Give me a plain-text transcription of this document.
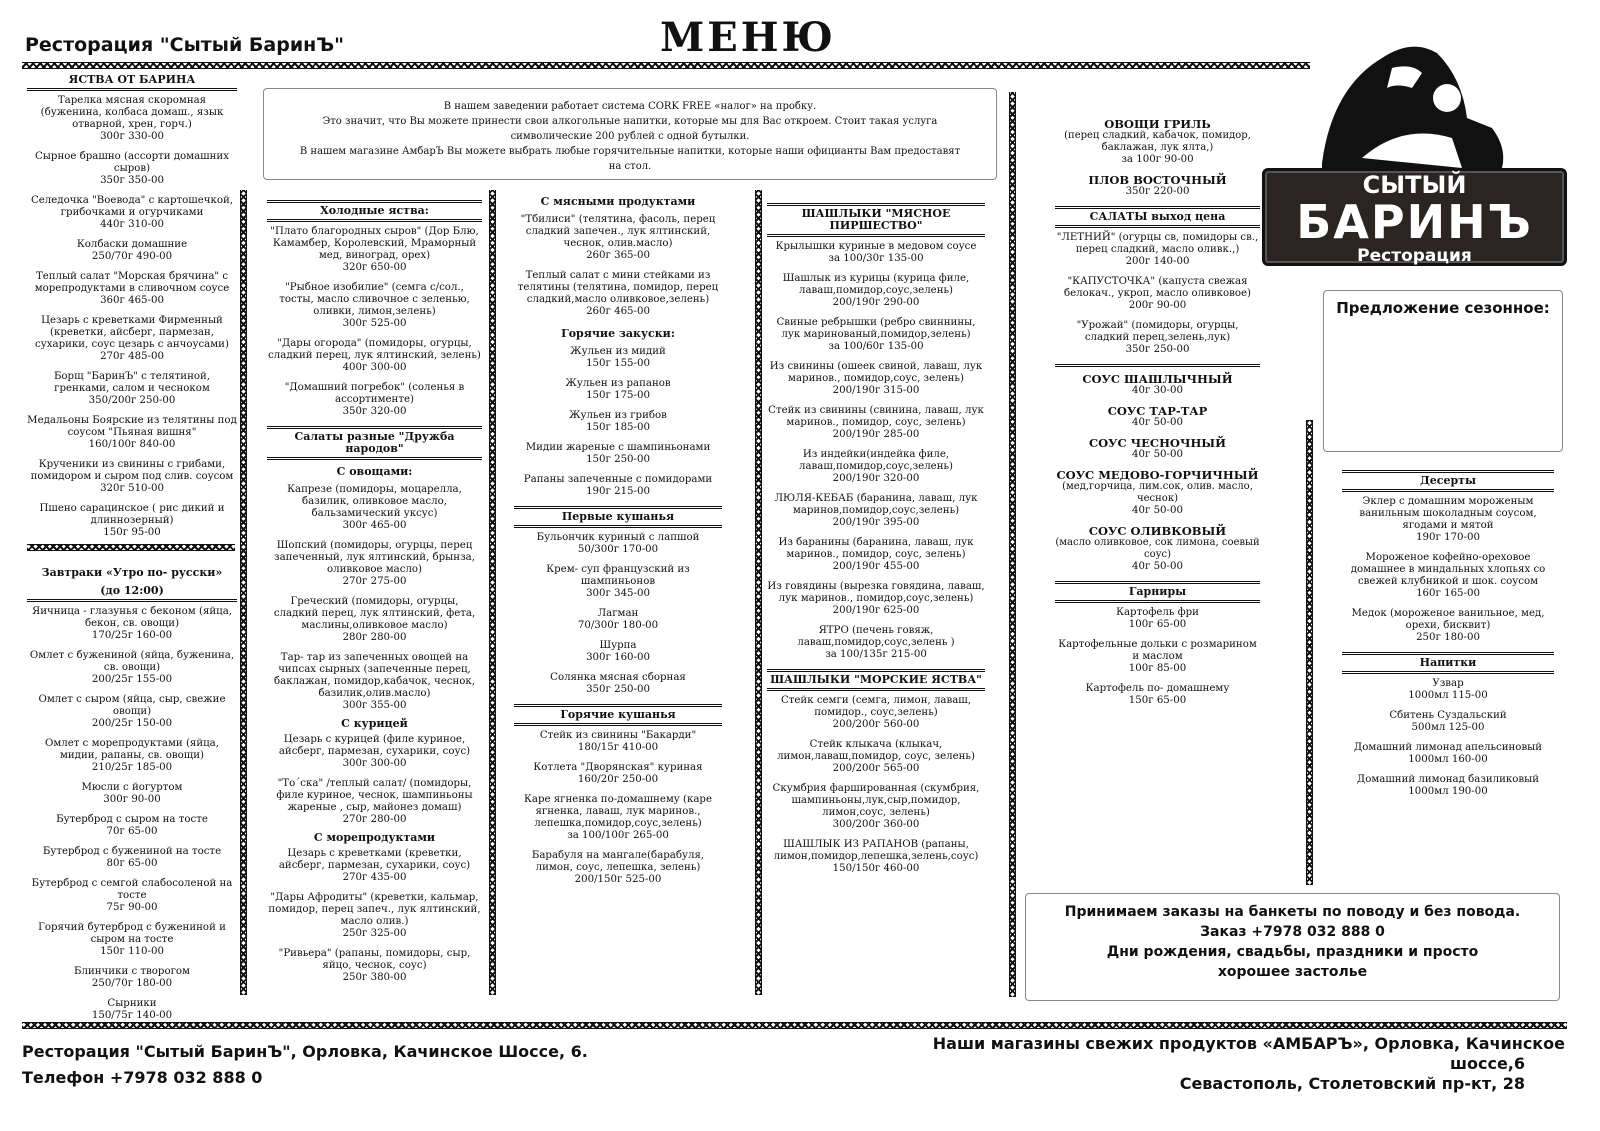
Ресторация "Сытый БаринЪ"	МЕНЮ
СЫТЫЙ
БАРИНЪ
Ресторация
В нашем заведении работает система CORK FREE «налог» на пробку.
Это значит, что Вы можете принести свои алкогольные напитки, которые мы для Вас откроем. Стоит такая услуга
символические 200 рублей с одной бутылки.
В нашем магазине АмбарЪ Вы можете выбрать любые горячительные напитки, которые наши официанты Вам предоставят
на стол.
ЯСТВА ОТ БАРИНА
Тарелка мясная скоромная (буженина, колбаса домаш., язык отварной, хрен, горч.)
300г 330-00
Сырное брашно (ассорти домашних сыров)
350г 350-00
Селедочка "Воевода" с картошечкой, грибочками и огурчиками
440г 310-00
Колбаски домашние
250/70г 490-00
Теплый салат "Морская брячина" с морепродуктами в сливочном соусе
360г 465-00
Цезарь с креветками Фирменный (креветки, айсберг, пармезан, сухарики, соус цезарь с анчоусами)
270г 485-00
Борщ "БаринЪ" с телятиной, гренками, салом и чесноком
350/200г 250-00
Медальоны Боярские из телятины под соусом "Пьяная вишня"
160/100г 840-00
Крученики из свинины с грибами, помидором и сыром под слив. соусом
320г 510-00
Пшено сарацинское ( рис дикий и длиннозерный)
150г 95-00
Завтраки «Утро по- русски»
(до 12:00)
Яичница - глазунья с беконом (яйца, бекон, св. овощи)
170/25г 160-00
Омлет с бужениной (яйца, буженина, св. овощи)
200/25г 155-00
Омлет с сыром (яйца, сыр, свежие овощи)
200/25г 150-00
Омлет с морепродуктами (яйца, мидии, рапаны, св. овощи)
210/25г 185-00
Мюсли с йогуртом
300г 90-00
Бутерброд с сыром на тосте
70г 65-00
Бутерброд с бужениной на тосте
80г 65-00
Бутерброд с семгой слабосоленой на тосте
75г 90-00
Горячий бутерброд с бужениной и сыром на тосте
150г 110-00
Блинчики с творогом
250/70г 180-00
Сырники
150/75г 140-00
Холодные яства:
"Плато благородных сыров" (Дор Блю, Камамбер, Королевский, Мраморный мед, виноград, орех)
320г 650-00
"Рыбное изобилие" (семга с/сол., тосты, масло сливочное с зеленью, оливки, лимон,зелень)
300г 525-00
"Дары огорода" (помидоры, огурцы, сладкий перец, лук ялтинский, зелень)
400г 300-00
"Домашний погребок" (соленья в ассортименте)
350г 320-00
Салаты разные "Дружба народов"
С овощами:
Капрезе (помидоры, моцарелла, базилик, оливковое масло, бальзамический уксус)
300г 465-00
Шопский (помидоры, огурцы, перец запеченный, лук ялтинский, брынза, оливковое масло)
270г 275-00
Греческий (помидоры, огурцы, сладкий перец, лук ялтинский, фета, маслины,оливковое масло)
280г 280-00
Тар- тар из запеченных овощей на чипсах сырных (запеченные перец, баклажан, помидор,кабачок, чеснок, базилик,олив.масло)
300г 355-00
С курицей
Цезарь с курицей (филе куриное, айсберг, пармезан, сухарики, соус)
300г 300-00
"То´ска" /теплый салат/ (помидоры, филе куриное, чеснок, шампиньоны жареные , сыр, майонез домаш)
270г 280-00
С морепродуктами
Цезарь с креветками (креветки, айсберг, пармезан, сухарики, соус)
270г 435-00
"Дары Афродиты" (креветки, кальмар, помидор, перец запеч., лук ялтинский, масло олив.)
250г 325-00
"Ривьера" (рапаны, помидоры, сыр, яйцо, чеснок, соус)
250г 380-00
С мясными продуктами
"Тбилиси" (телятина, фасоль, перец сладкий запечен., лук ялтинский, чеснок, олив.масло)
260г 365-00
Теплый салат с мини стейками из телятины (телятина, помидор, перец сладкий,масло оливковое,зелень)
260г 465-00
Горячие закуски:
Жульен из мидий
150г 155-00
Жульен из рапанов
150г 175-00
Жульен из грибов
150г 185-00
Мидии жареные с шампиньонами
150г 250-00
Рапаны запеченные с помидорами
190г 215-00
Первые кушанья
Бульончик куриный с лапшой
50/300г 170-00
Крем- суп французский из шампиньонов
300г 345-00
Лагман
70/300г 180-00
Шурпа
300г 160-00
Солянка мясная сборная
350г 250-00
Горячие кушанья
Стейк из свинины "Бакарди"
180/15г 410-00
Котлета "Дворянская" куриная
160/20г 250-00
Каре ягненка по-домашнему (каре ягненка, лаваш, лук маринов., лепешка,помидор,соус,зелень)
за 100/100г 265-00
Барабуля на мангале(барабуля, лимон, соус, лепешка, зелень)
200/150г 525-00
ШАШЛЫКИ "МЯСНОЕ ПИРШЕСТВО"
Крылышки куриные в медовом соусе
за 100/30г 135-00
Шашлык из курицы (курица филе, лаваш,помидор,соус,зелень)
200/190г 290-00
Свиные ребрышки (ребро свиннины, лук маринованый,помидор,зелень)
за 100/60г 135-00
Из свинины (ошеек свиной, лаваш, лук маринов., помидор,соус, зелень)
200/190г 315-00
Стейк из свинины (свинина, лаваш, лук маринов., помидор, соус, зелень)
200/190г 285-00
Из индейки(индейка филе, лаваш,помидор,соус,зелень)
200/190г 320-00
ЛЮЛЯ-КЕБАБ (баранина, лаваш, лук маринов,помидор,соус,зелень)
200/190г 395-00
Из баранины (баранина, лаваш, лук маринов., помидор, соус, зелень)
200/190г 455-00
Из говядины (вырезка говядина, лаваш, лук маринов., помидор,соус,зелень)
200/190г 625-00
ЯТРО (печень говяж, лаваш,помидор,соус,зелень )
за 100/135г 215-00
ШАШЛЫКИ "МОРСКИЕ ЯСТВА"
Стейк семги (семга, лимон, лаваш, помидор., соус,зелень)
200/200г 560-00
Стейк клыкача (клыкач, лимон,лаваш,помидор, соус, зелень)
200/200г 565-00
Скумбрия фаршированная (скумбрия, шампиньоны,лук,сыр,помидор, лимон,соус, зелень)
300/200г 360-00
ШАШЛЫК ИЗ РАПАНОВ (рапаны, лимон,помидор,лепешка,зелень,соус)
150/150г 460-00
ОВОЩИ ГРИЛЬ
(перец сладкий, кабачок, помидор, баклажан, лук ялта,)
за 100г 90-00
ПЛОВ ВОСТОЧНЫЙ
350г 220-00
САЛАТЫ выход цена
"ЛЕТНИЙ" (огурцы св, помидоры св., перец сладкий, масло оливк.,)
200г 140-00
"КАПУСТОЧКА" (капуста свежая белокач., укроп, масло оливковое)
200г 90-00
"Урожай" (помидоры, огурцы, сладкий перец,зелень,лук)
350г 250-00
СОУС ШАШЛЫЧНЫЙ
40г 30-00
СОУС ТАР-ТАР
40г 50-00
СОУС ЧЕСНОЧНЫЙ
40г 50-00
СОУС МЕДОВО-ГОРЧИЧНЫЙ
(мед,горчица, лим.сок, олив. масло, чеснок)
40г 50-00
СОУС ОЛИВКОВЫЙ
(масло оливковое, сок лимона, соевый соус)
40г 50-00
Гарниры
Картофель фри
100г 65-00
Картофельные дольки с розмарином и маслом
100г 85-00
Картофель по- домашнему
150г 65-00
Предложение сезонное:
Десерты
Эклер с домашним мороженым ванильным шоколадным соусом, ягодами и мятой
190г 170-00
Мороженое кофейно-ореховое домашнее в миндальных хлопьях со свежей клубникой и шок. соусом
160г 165-00
Медок (мороженое ванильное, мед, орехи, бисквит)
250г 180-00
Напитки
Узвар
1000мл 115-00
Сбитень Суздальский
500мл 125-00
Домашний лимонад апельсиновый
1000мл 160-00
Домашний лимонад базиликовый
1000мл 190-00
Принимаем заказы на банкеты по поводу и без повода.
Заказ +7978 032 888 0
Дни рождения, свадьбы, праздники и просто
хорошее застолье
Ресторация "Сытый БаринЪ", Орловка, Качинское Шоссе, 6.
Телефон +7978 032 888 0
Наши магазины свежих продуктов «АМБАРЪ», Орловка, Качинское
шоссе,6
Севастополь, Столетовский пр-кт, 28
